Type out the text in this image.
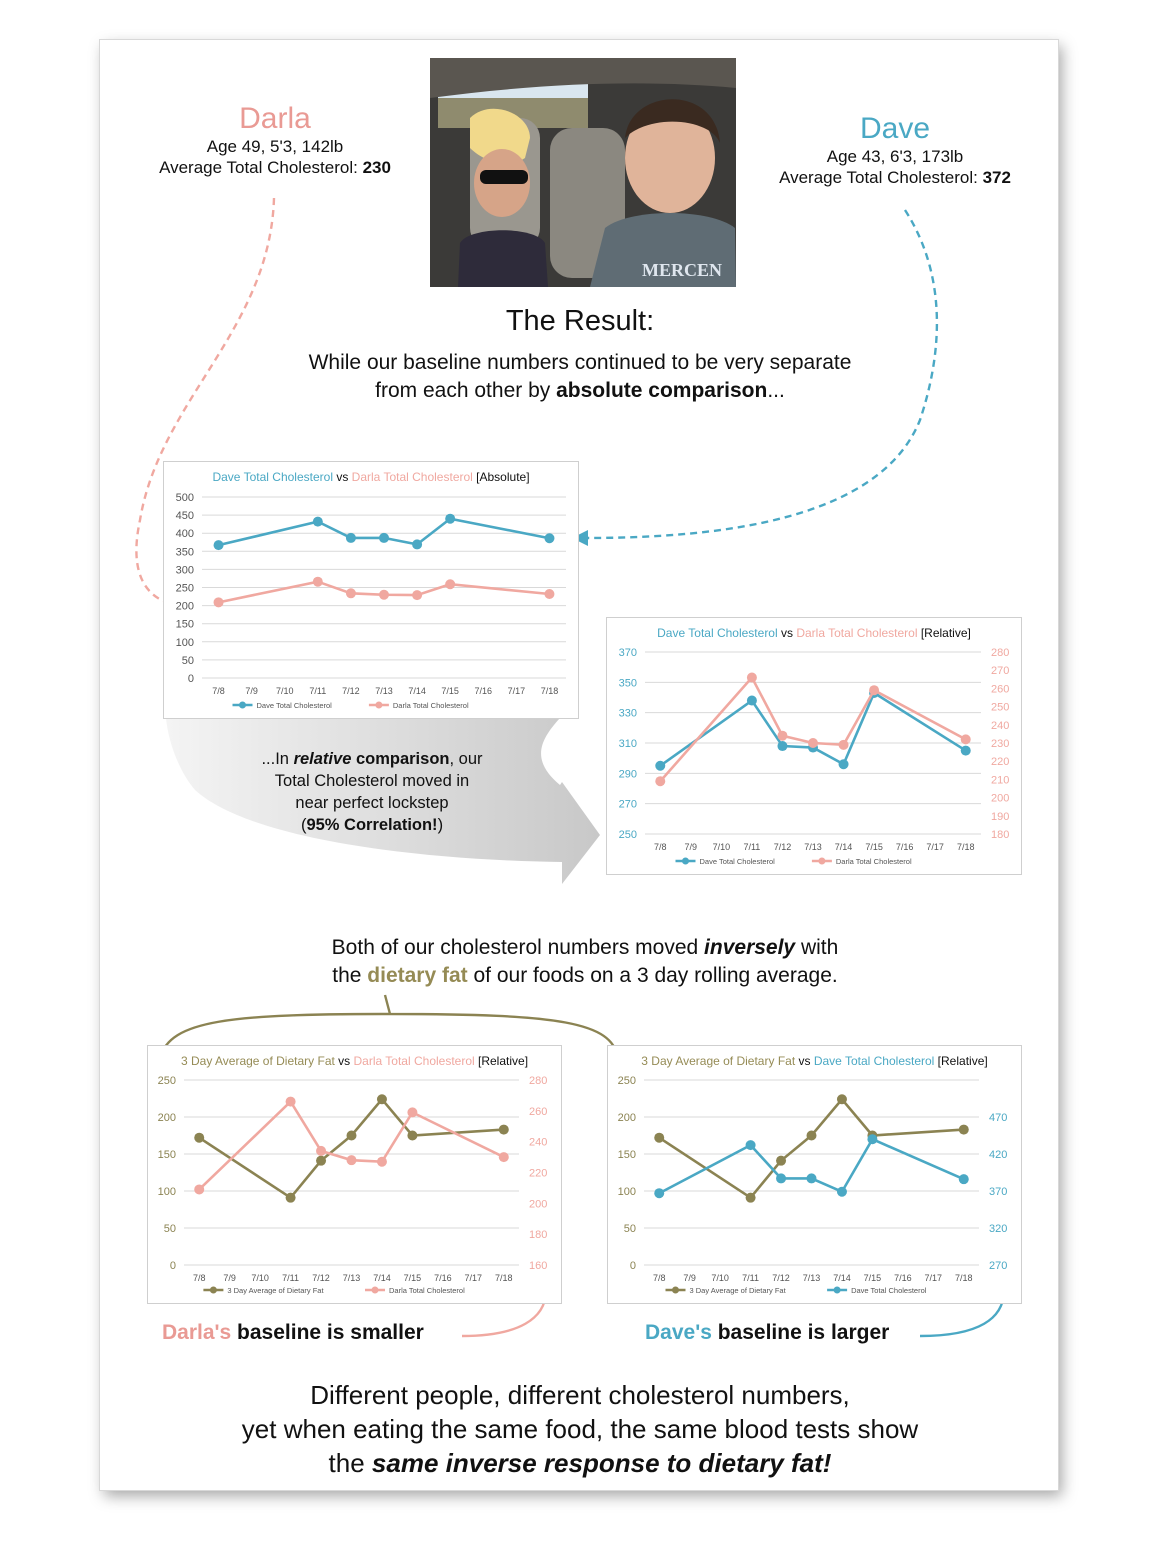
Darla
Age 49, 5'3, 142lb
Average Total Cholesterol: 230
Dave
Age 43, 6'3, 173lb
Average Total Cholesterol: 372
MERCEN
The Result:
While our baseline numbers continued to be very separate
from each other by absolute comparison...
0
50
100
150
200
250
300
350
400
450
500
7/8 7/9 7/10 7/11 7/12 7/13 7/14 7/15 7/16 7/17 7/18
Dave Total Cholesterol	Darla Total Cholesterol
Dave Total Cholesterol vs Darla Total Cholesterol [Absolute]
250
270
290
310
330
350
370
180
190
200
210
220
230
240
250
260
270
280
7/8 7/9 7/10 7/11 7/12 7/13 7/14 7/15 7/16 7/17 7/18
Dave Total Cholesterol	Darla Total Cholesterol
Dave Total Cholesterol vs Darla Total Cholesterol [Relative]
...In relative comparison, our
Total Cholesterol moved in
near perfect lockstep
(95% Correlation!)
Both of our cholesterol numbers moved inversely with
the dietary fat of our foods on a 3 day rolling average.
0
50
100
150
200
250
160
180
200
220
240
260
280
7/8 7/9 7/10 7/11 7/12 7/13 7/14 7/15 7/16 7/17 7/18
3 Day Average of Dietary Fat	Darla Total Cholesterol
3 Day Average of Dietary Fat vs Darla Total Cholesterol [Relative]
0
50
100
150
200
250
270
320
370
420
470
7/8 7/9 7/10 7/11 7/12 7/13 7/14 7/15 7/16 7/17 7/18
3 Day Average of Dietary Fat	Dave Total Cholesterol
3 Day Average of Dietary Fat vs Dave Total Cholesterol [Relative]
Darla's baseline is smaller	Dave's baseline is larger
Different people, different cholesterol numbers,
yet when eating the same food, the same blood tests show
the same inverse response to dietary fat!
